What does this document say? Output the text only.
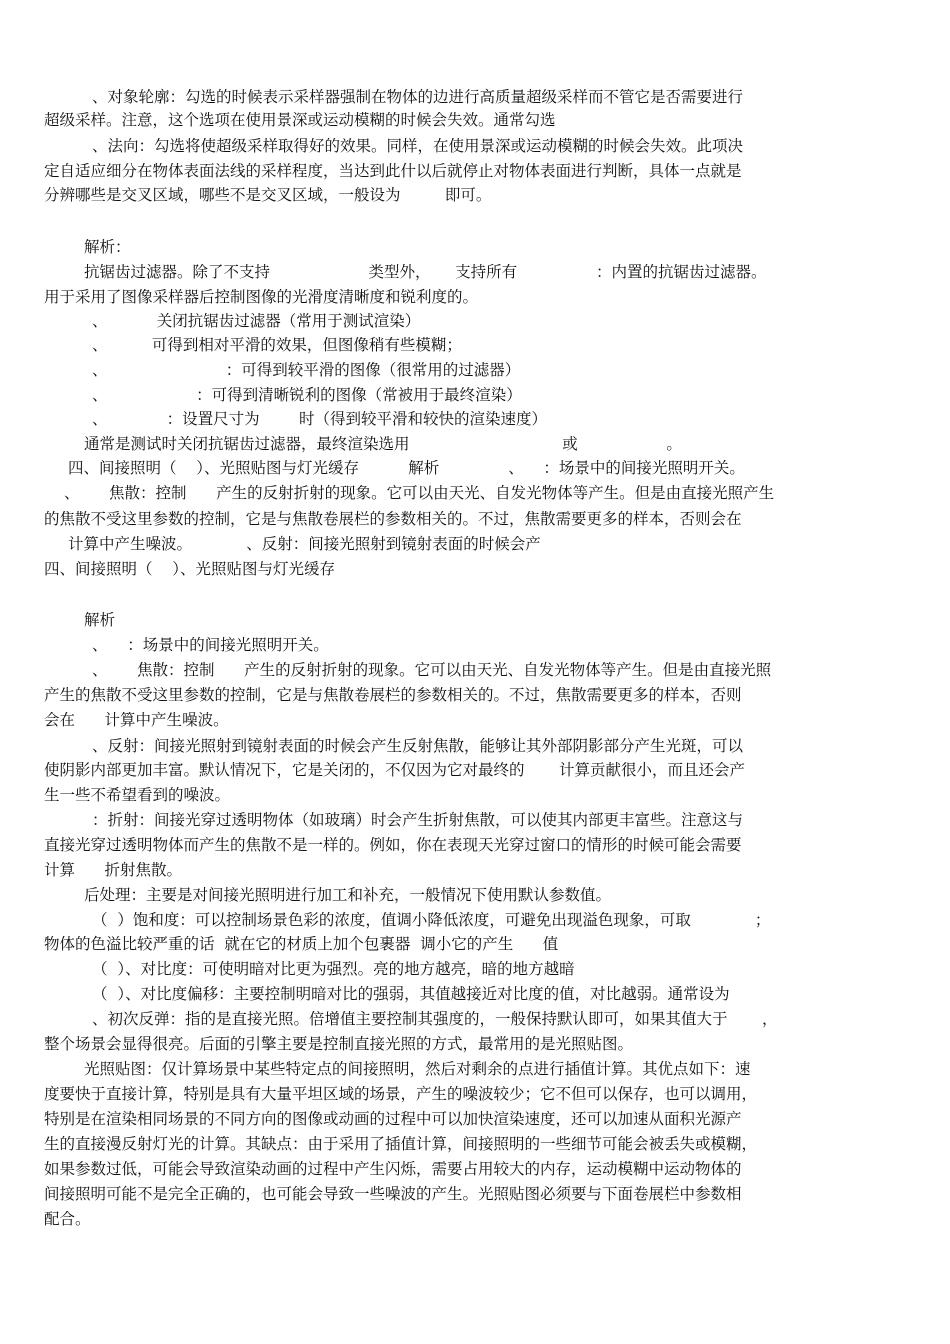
、对象轮廓：勾选的时候表示采样器强制在物体的边进行高质量超级采样而不管它是否需要进行
超级采样。注意，这个选项在使用景深或运动模糊的时候会失效。通常勾选
、法向：勾选将使超级采样取得好的效果。同样，在使用景深或运动模糊的时候会失效。此项决
定自适应细分在物体表面法线的采样程度，当达到此什以后就停止对物体表面进行判断，具体一点就是
分辨哪些是交叉区域，哪些不是交叉区域，一般设为         即可。
解析：
抗锯齿过滤器。除了不支持                    类型外，     支持所有                ：内置的抗锯齿过滤器。
用于采用了图像采样器后控制图像的光滑度清晰度和锐利度的。
、          关闭抗锯齿过滤器（常用于测试渲染）
、         可得到相对平滑的效果，但图像稍有些模糊；
、                        ：可得到较平滑的图像（很常用的过滤器）
、                  ：可得到清晰锐利的图像（常被用于最终渲染）
、            ：设置尺寸为        时（得到较平滑和较快的渲染速度）
通常是测试时关闭抗锯齿过滤器，最终渲染选用                               或                  。
四、间接照明（    ）、光照贴图与灯光缓存          解析              、    ：场景中的间接光照明开关。
、      焦散：控制      产生的反射折射的现象。它可以由天光、自发光物体等产生。但是由直接光照产生
的焦散不受这里参数的控制，它是与焦散卷展栏的参数相关的。不过，焦散需要更多的样本，否则会在
计算中产生噪波。           、反射：间接光照射到镜射表面的时候会产
四、间接照明（    ）、光照贴图与灯光缓存
解析
、    ：场景中的间接光照明开关。
、      焦散：控制      产生的反射折射的现象。它可以由天光、自发光物体等产生。但是由直接光照
产生的焦散不受这里参数的控制，它是与焦散卷展栏的参数相关的。不过，焦散需要更多的样本，否则
会在      计算中产生噪波。
、反射：间接光照射到镜射表面的时候会产生反射焦散，能够让其外部阴影部分产生光斑，可以
使阴影内部更加丰富。默认情况下，它是关闭的，不仅因为它对最终的       计算贡献很小，而且还会产
生一些不希望看到的噪波。
：折射：间接光穿过透明物体（如玻璃）时会产生折射焦散，可以使其内部更丰富些。注意这与
直接光穿过透明物体而产生的焦散不是一样的。例如，你在表现天光穿过窗口的情形的时候可能会需要
计算      折射焦散。
后处理：主要是对间接光照明进行加工和补充，一般情况下使用默认参数值。
（  ）饱和度：可以控制场景色彩的浓度，值调小降低浓度，可避免出现溢色现象，可取             ；
物体的色溢比较严重的话  就在它的材质上加个包裹器  调小它的产生      值
（  ）、对比度：可使明暗对比更为强烈。亮的地方越亮，暗的地方越暗
（  ）、对比度偏移：主要控制明暗对比的强弱，其值越接近对比度的值，对比越弱。通常设为
、初次反弹：指的是直接光照。倍增值主要控制其强度的，一般保持默认即可，如果其值大于       ，
整个场景会显得很亮。后面的引擎主要是控制直接光照的方式，最常用的是光照贴图。
光照贴图：仅计算场景中某些特定点的间接照明，然后对剩余的点进行插值计算。其优点如下：速
度要快于直接计算，特别是具有大量平坦区域的场景，产生的噪波较少；它不但可以保存，也可以调用，
特别是在渲染相同场景的不同方向的图像或动画的过程中可以加快渲染速度，还可以加速从面积光源产
生的直接漫反射灯光的计算。其缺点：由于采用了插值计算，间接照明的一些细节可能会被丢失或模糊，
如果参数过低，可能会导致渲染动画的过程中产生闪烁，需要占用较大的内存，运动模糊中运动物体的
间接照明可能不是完全正确的，也可能会导致一些噪波的产生。光照贴图必须要与下面卷展栏中参数相
配合。
